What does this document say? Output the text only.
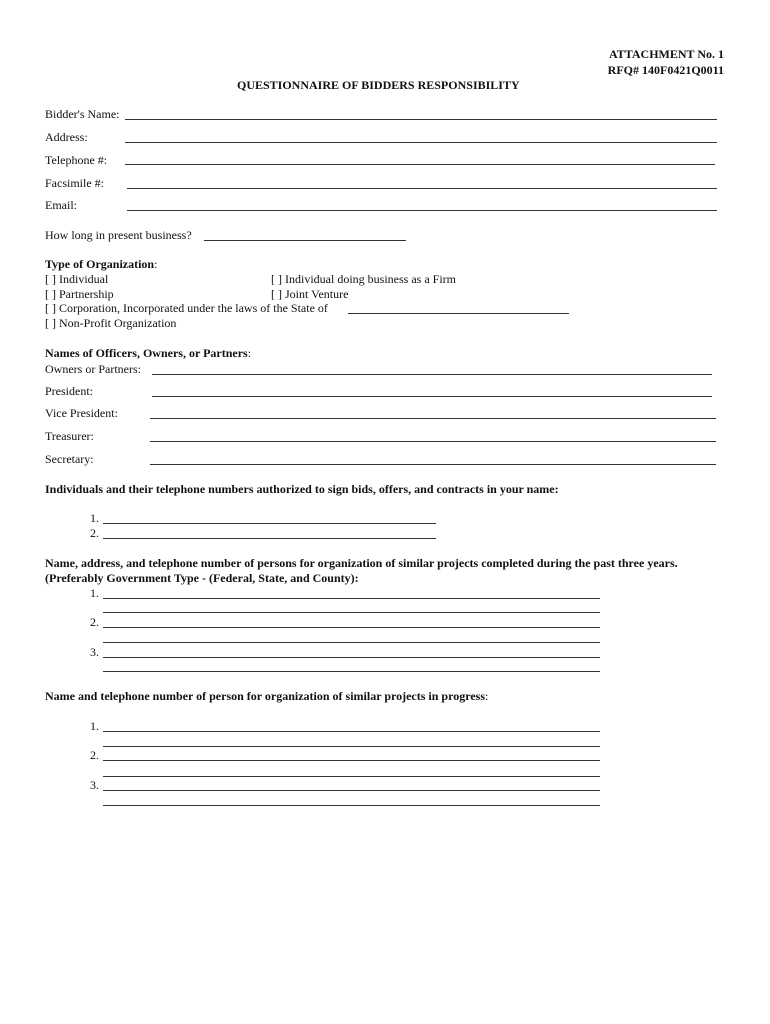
ATTACHMENT No. 1
RFQ# 140F0421Q0011
QUESTIONNAIRE OF BIDDERS RESPONSIBILITY
Bidder's Name:
Address:
Telephone #:
Facsimile #:
Email:
How long in present business?
Type of Organization:
[ ] Individual	[ ] Individual doing business as a Firm
[ ] Partnership	[ ] Joint Venture
[ ] Corporation, Incorporated under the laws of the State of
[ ] Non-Profit Organization
Names of Officers, Owners, or Partners:
Owners or Partners:
President:
Vice President:
Treasurer:
Secretary:
Individuals and their telephone numbers authorized to sign bids, offers, and contracts in your name:
1.
2.
Name, address, and telephone number of persons for organization of similar projects completed during the past three years.
(Preferably Government Type - (Federal, State, and County):
1.
2.
3.
Name and telephone number of person for organization of similar projects in progress:
1.
2.
3.
